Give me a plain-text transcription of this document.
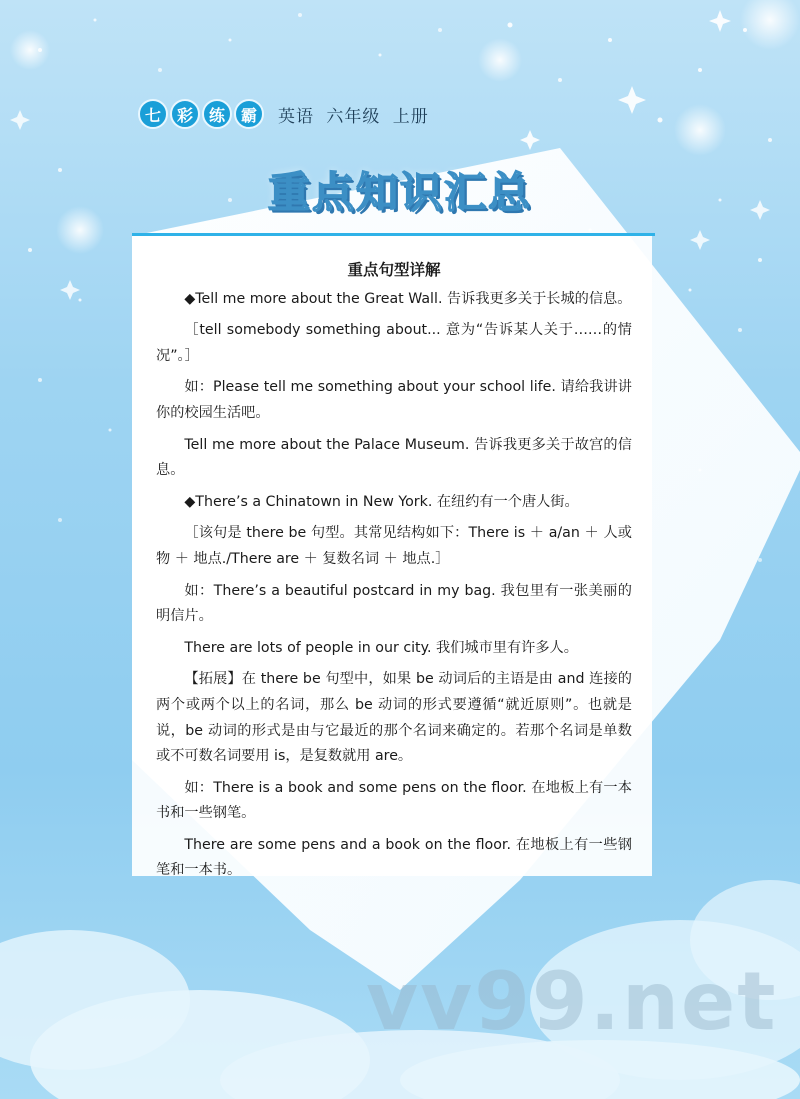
七 彩 练 霸	英语 六年级 上册
重点知识汇总
重点句型详解

◆Tell me more about the Great Wall. 告诉我更多关于长城的信息。

［tell somebody something about... 意为“告诉某人关于……的情况”。］

如：Please tell me something about your school life. 请给我讲讲你的校园生活吧。

Tell me more about the Palace Museum. 告诉我更多关于故宫的信息。

◆There’s a Chinatown in New York. 在纽约有一个唐人街。

［该句是 there be 句型。其常见结构如下：There is ＋ a/an ＋ 人或物 ＋ 地点./There are ＋ 复数名词 ＋ 地点.］

如：There’s a beautiful postcard in my bag. 我包里有一张美丽的明信片。

There are lots of people in our city. 我们城市里有许多人。

【拓展】在 there be 句型中，如果 be 动词后的主语是由 and 连接的两个或两个以上的名词，那么 be 动词的形式要遵循“就近原则”。也就是说，be 动词的形式是由与它最近的那个名词来确定的。若那个名词是单数或不可数名词要用 is，是复数就用 are。

如：There is a book and some pens on the floor. 在地板上有一本书和一些钢笔。

There are some pens and a book on the floor. 在地板上有一些钢笔和一本书。

vv99.net
